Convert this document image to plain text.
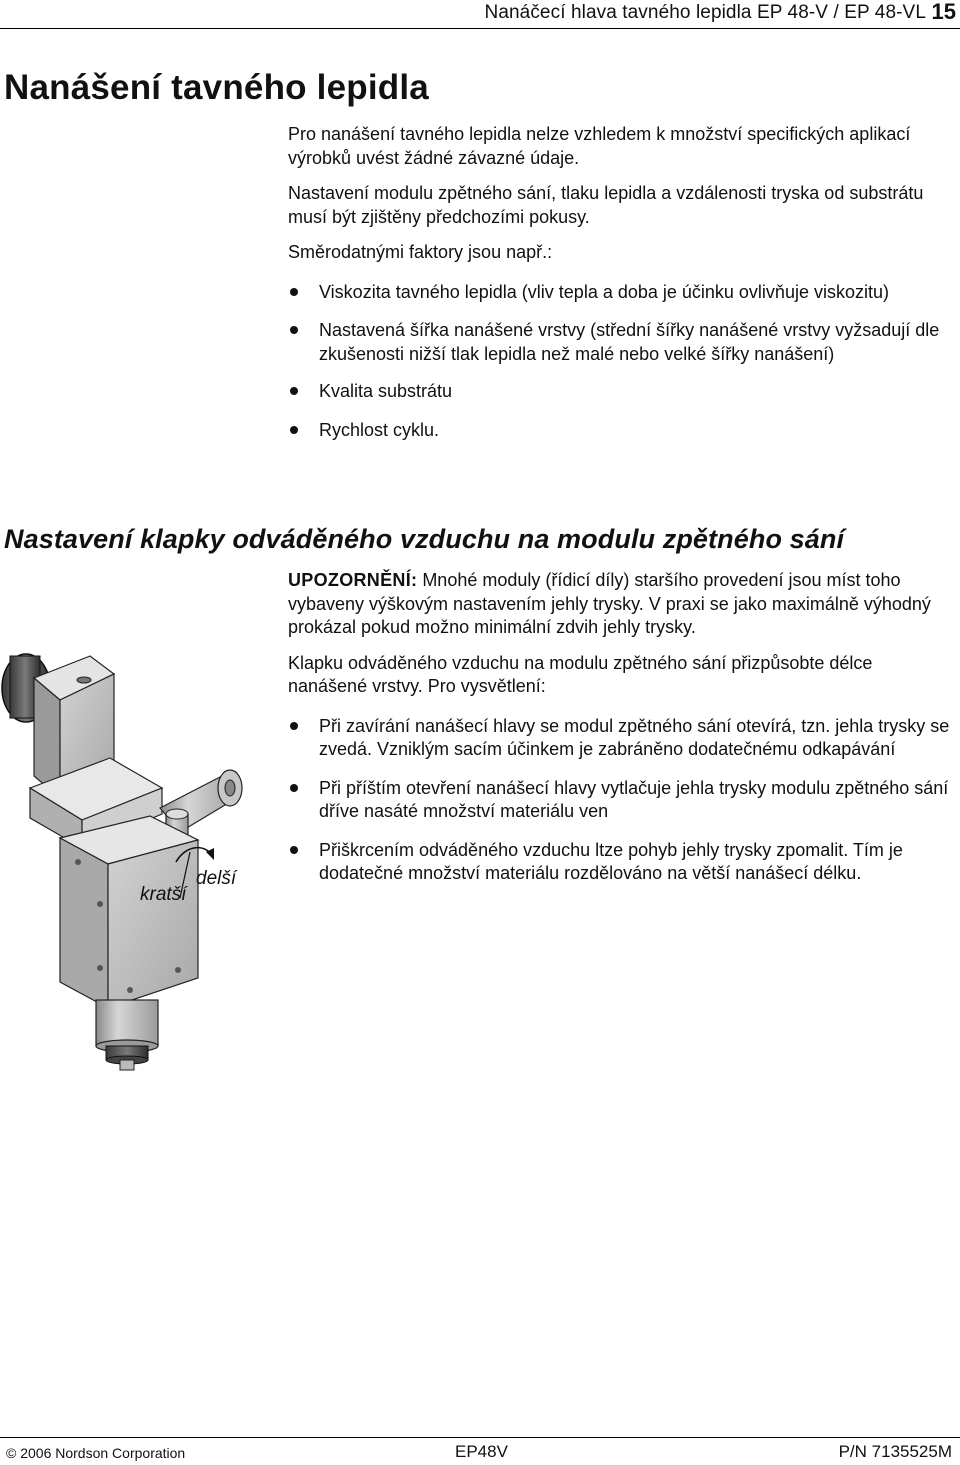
Nanáčecí hlava tavného lepidla EP 48-V / EP 48-VL 15
Nanášení tavného lepidla

Pro nanášení tavného lepidla nelze vzhledem k množství specifických aplikací výrobků uvést žádné závazné údaje.

Nastavení modulu zpětného sání, tlaku lepidla a vzdálenosti tryska od substrátu musí být zjištěny předchozími pokusy.

Směrodatnými faktory jsou např.:

Viskozita tavného lepidla (vliv tepla a doba je účinku ovlivňuje viskozitu)
Nastavená šířka nanášené vrstvy (střední šířky nanášené vrstvy vyžsadují dle zkušenosti nižší tlak lepidla než malé nebo velké šířky nanášení)
Kvalita substrátu
Rychlost cyklu.
Nastavení klapky odváděného vzduchu na modulu zpětného sání

UPOZORNĚNÍ: Mnohé moduly (řídicí díly) staršího provedení jsou míst toho vybaveny výškovým nastavením jehly trysky. V praxi se jako maximálně výhodný prokázal pokud možno minimální zdvih jehly trysky.

Klapku odváděného vzduchu na modulu zpětného sání přizpůsobte délce nanášené vrstvy. Pro vysvětlení:

Při zavírání nanášecí hlavy se modul zpětného sání otevírá, tzn. jehla trysky se zvedá. Vzniklým sacím účinkem je zabráněno dodatečnému odkapávání
Při příštím otevření nanášecí hlavy vytlačuje jehla trysky modulu zpětného sání dříve nasáté množství materiálu ven
Přiškrcením odváděného vzduchu ltze pohyb jehly trysky zpomalit. Tím je dodatečné množství materiálu rozdělováno na větší nanášecí délku.
kratší
delší
© 2006 Nordson Corporation	EP48V	P/N 7135525M
